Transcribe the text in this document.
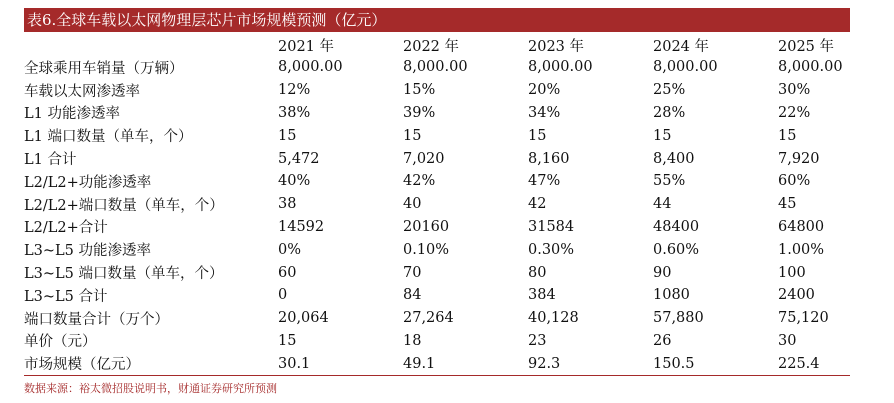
表6.全球车载以太网物理层芯片市场规模预测（亿元）
	2021 年	2022 年	2023 年	2024 年	2025 年
全球乘用车销量（万辆）	8,000.00	8,000.00	8,000.00	8,000.00	8,000.00
车载以太网渗透率	12%	15%	20%	25%	30%
L1 功能渗透率	38%	39%	34%	28%	22%
L1 端口数量（单车，个）	15	15	15	15	15
L1 合计	5,472	7,020	8,160	8,400	7,920
L2/L2+功能渗透率	40%	42%	47%	55%	60%
L2/L2+端口数量（单车，个）	38	40	42	44	45
L2/L2+合计	14592	20160	31584	48400	64800
L3~L5 功能渗透率	0%	0.10%	0.30%	0.60%	1.00%
L3~L5 端口数量（单车，个）	60	70	80	90	100
L3~L5 合计	0	84	384	1080	2400
端口数量合计（万个）	20,064	27,264	40,128	57,880	75,120
单价（元）	15	18	23	26	30
市场规模（亿元）	30.1	49.1	92.3	150.5	225.4
数据来源：裕太微招股说明书，财通证券研究所预测
